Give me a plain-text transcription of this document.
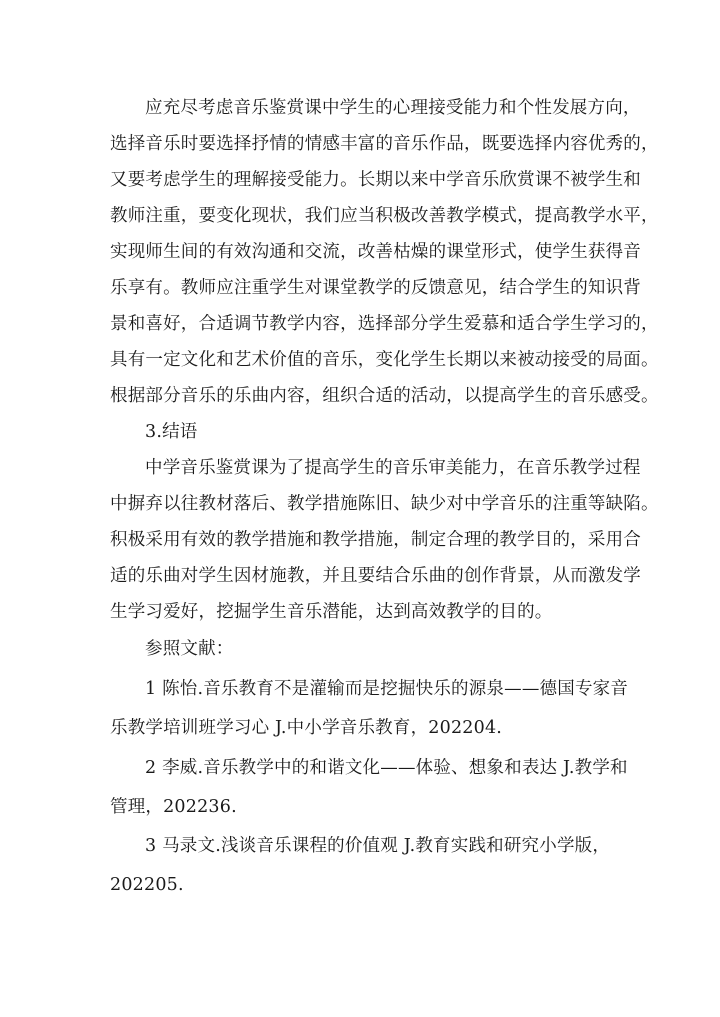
应充尽考虑音乐鉴赏课中学生的心理接受能力和个性发展方向，
选择音乐时要选择抒情的情感丰富的音乐作品，既要选择内容优秀的，
又要考虑学生的理解接受能力。长期以来中学音乐欣赏课不被学生和
教师注重，要变化现状，我们应当积极改善教学模式，提高教学水平，
实现师生间的有效沟通和交流，改善枯燥的课堂形式，使学生获得音
乐享有。教师应注重学生对课堂教学的反馈意见，结合学生的知识背
景和喜好，合适调节教学内容，选择部分学生爱慕和适合学生学习的，
具有一定文化和艺术价值的音乐，变化学生长期以来被动接受的局面。
根据部分音乐的乐曲内容，组织合适的活动，以提高学生的音乐感受。
3.结语
中学音乐鉴赏课为了提高学生的音乐审美能力，在音乐教学过程
中摒弃以往教材落后、教学措施陈旧、缺少对中学音乐的注重等缺陷。
积极采用有效的教学措施和教学措施，制定合理的教学目的，采用合
适的乐曲对学生因材施教，并且要结合乐曲的创作背景，从而激发学
生学习爱好，挖掘学生音乐潜能，达到高效教学的目的。
参照文献：
1 陈怡.音乐教育不是灌输而是挖掘快乐的源泉——德国专家音
乐教学培训班学习心 J.中小学音乐教育，202204.
2 李威.音乐教学中的和谐文化——体验、想象和表达 J.教学和
管理，202236.
3 马录文.浅谈音乐课程的价值观 J.教育实践和研究小学版，
202205.
